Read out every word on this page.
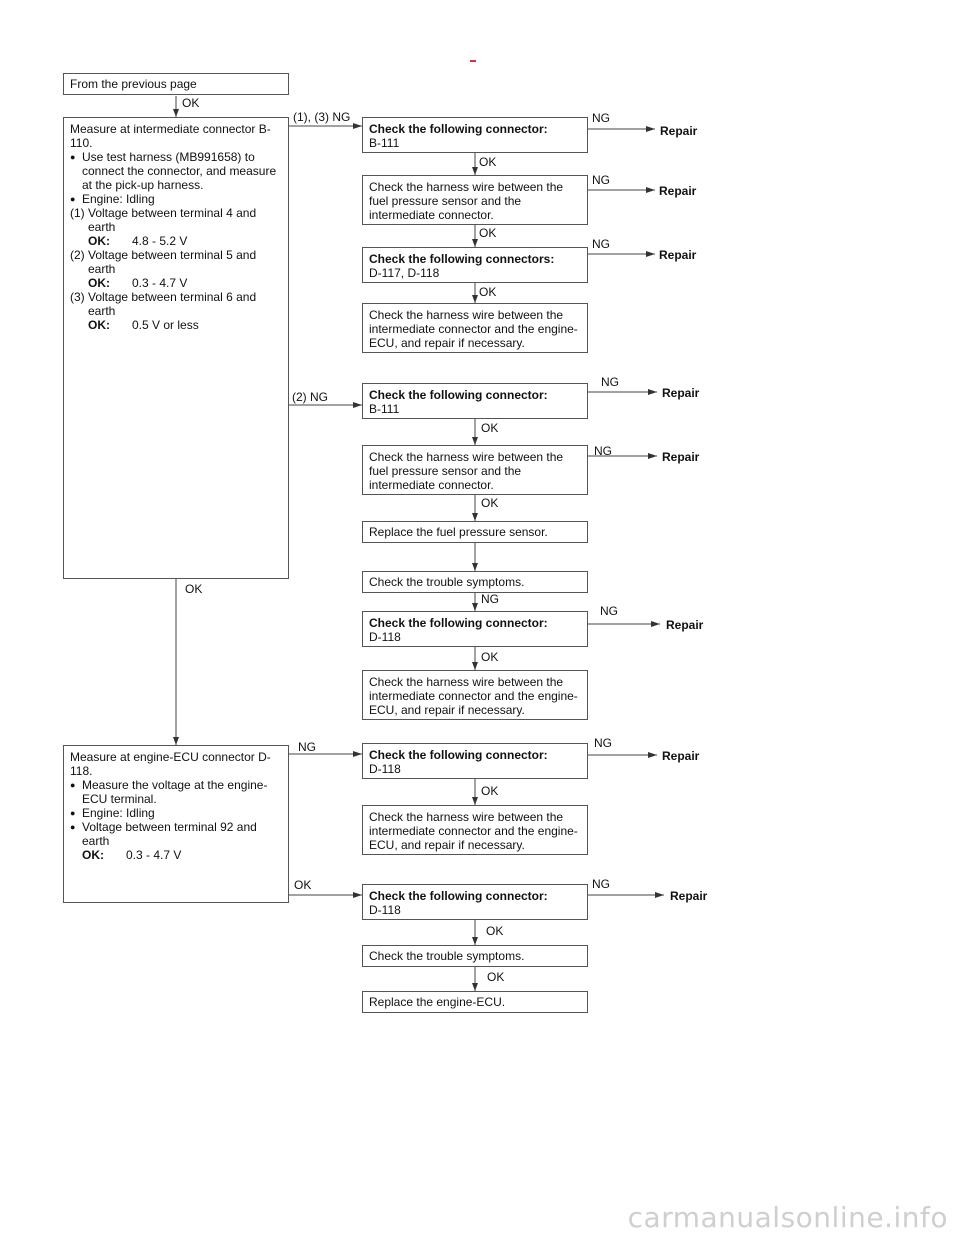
From the previous page
Measure at intermediate connector B-110.
● Use test harness (MB991658) to connect the connector, and measure at the pick-up harness.
● Engine: Idling
(1) Voltage between terminal 4 and earth
OK: 4.8 - 5.2 V
(2) Voltage between terminal 5 and earth
OK: 0.3 - 4.7 V
(3) Voltage between terminal 6 and earth
OK: 0.5 V or less
Measure at engine-ECU connector D-118.
● Measure the voltage at the engine-ECU terminal.
● Engine: Idling
● Voltage between terminal 92 and earth
OK: 0.3 - 4.7 V
Check the following connector:
B-111
Check the harness wire between the fuel pressure sensor and the intermediate connector.
Check the following connectors:
D-117, D-118
Check the harness wire between the intermediate connector and the engine-ECU, and repair if necessary.
Check the following connector:
B-111
Check the harness wire between the fuel pressure sensor and the intermediate connector.
Replace the fuel pressure sensor.
Check the trouble symptoms.
Check the following connector:
D-118
Check the harness wire between the intermediate connector and the engine-ECU, and repair if necessary.
Check the following connector:
D-118
Check the harness wire between the intermediate connector and the engine-ECU, and repair if necessary.
Check the following connector:
D-118
Check the trouble symptoms.
Replace the engine-ECU.
OK
OK
OK
OK
OK
OK
OK
OK
OK
OK
OK
OK
(1), (3) NG
(2) NG
NG
NG
NG
NG
NG
NG
NG
NG	NG
NG
Repair
Repair
Repair
Repair
Repair
Repair
Repair
Repair
carmanualsonline.info
